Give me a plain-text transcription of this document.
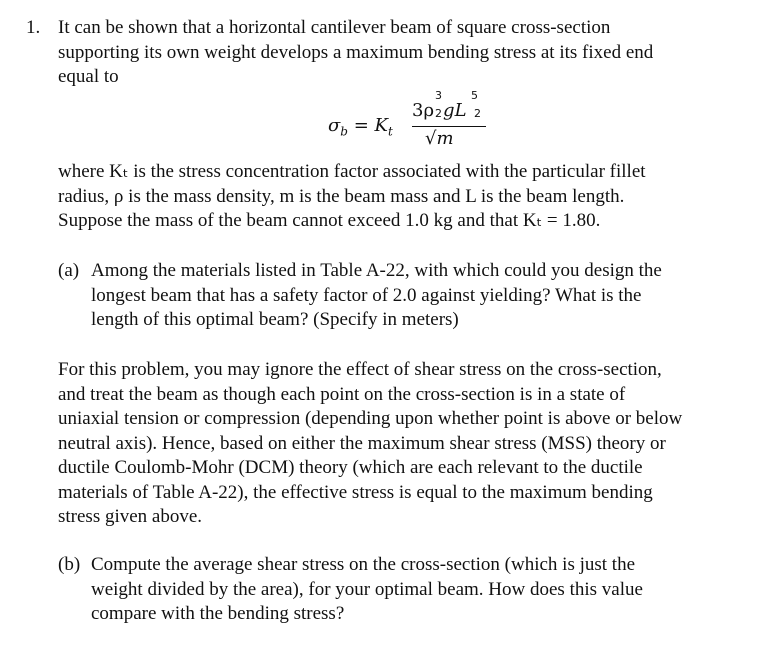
1. It can be shown that a horizontal cantilever beam of square cross-section
supporting its own weight develops a maximum bending stress at its fixed end
equal to
$\sigma_b = K_t$
3ρ gL
3
2
5
2
√m
where Kₜ is the stress concentration factor associated with the particular fillet
radius, ρ is the mass density, m is the beam mass and L is the beam length.
Suppose the mass of the beam cannot exceed 1.0 kg and that Kₜ = 1.80.
(a) Among the materials listed in Table A-22, with which could you design the
longest beam that has a safety factor of 2.0 against yielding? What is the
length of this optimal beam? (Specify in meters)
For this problem, you may ignore the effect of shear stress on the cross-section,
and treat the beam as though each point on the cross-section is in a state of
uniaxial tension or compression (depending upon whether point is above or below
neutral axis). Hence, based on either the maximum shear stress (MSS) theory or
ductile Coulomb-Mohr (DCM) theory (which are each relevant to the ductile
materials of Table A-22), the effective stress is equal to the maximum bending
stress given above.
(b) Compute the average shear stress on the cross-section (which is just the
weight divided by the area), for your optimal beam. How does this value
compare with the bending stress?
